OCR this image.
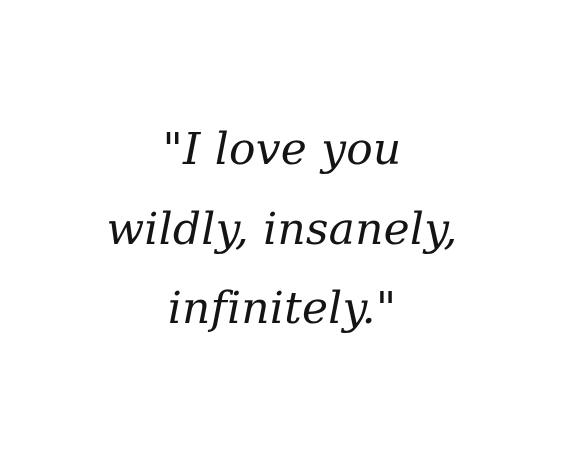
"I love you
wildly, insanely,
infinitely."
